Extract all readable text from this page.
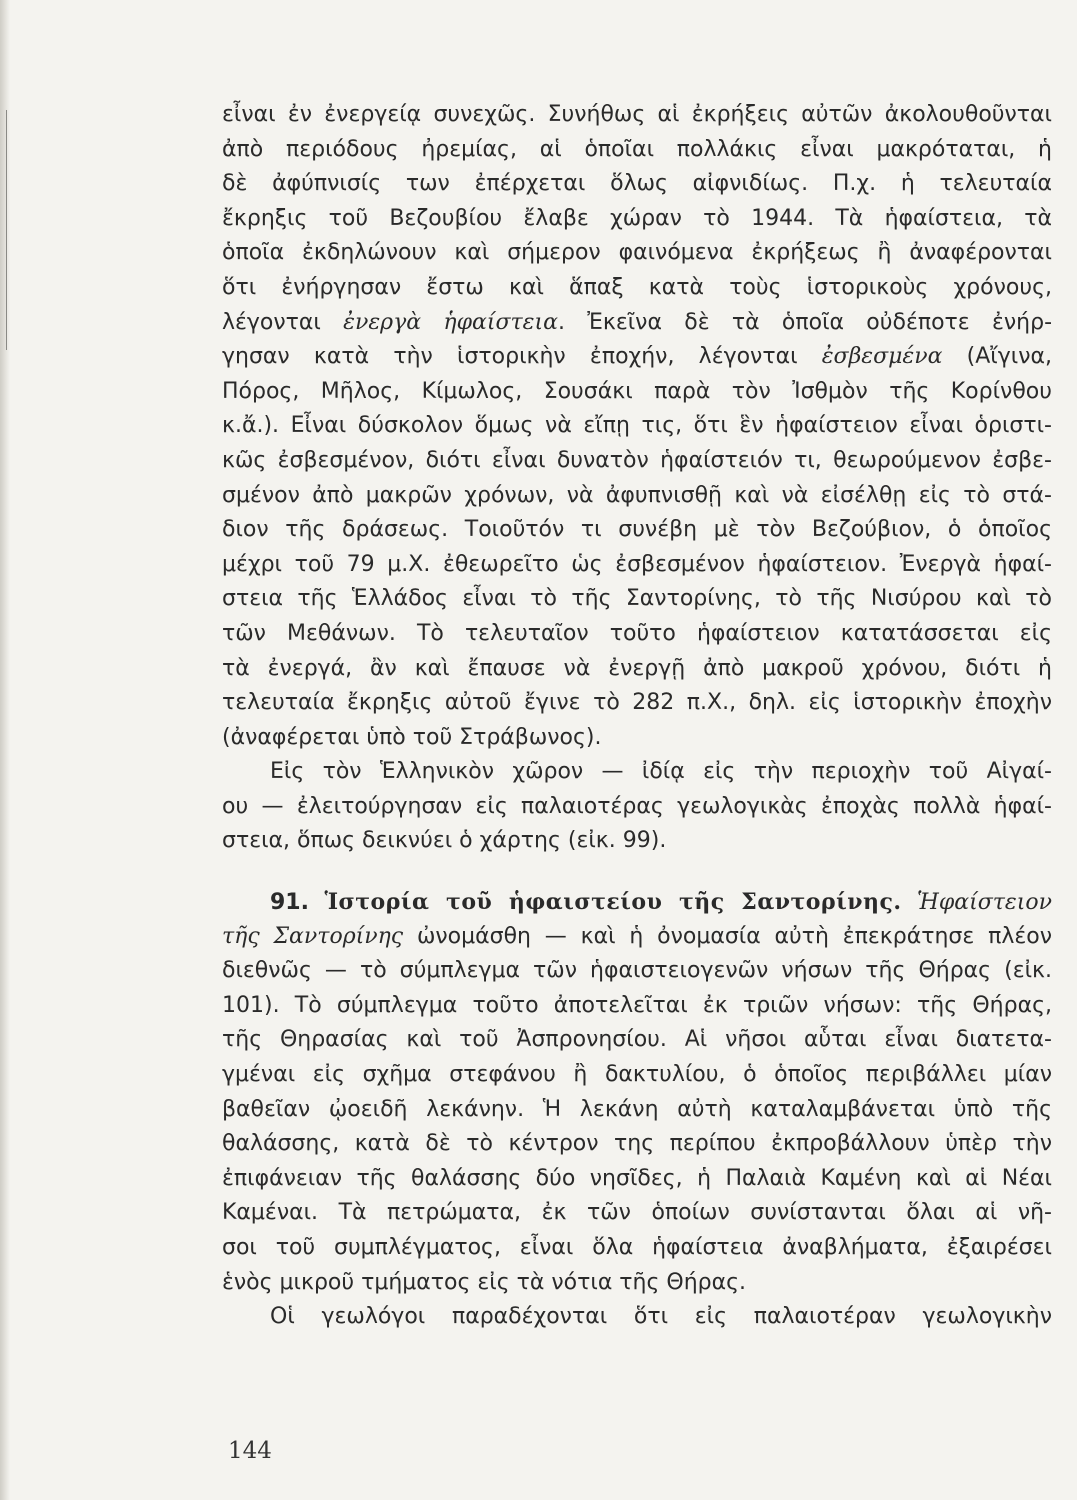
εἶναι ἐν ἐνεργείᾳ συνεχῶς. Συνήθως αἱ ἐκρήξεις αὐτῶν ἀκολουθοῦνται
ἀπὸ περιόδους ἠρεμίας, αἱ ὁποῖαι πολλάκις εἶναι μακρόταται, ἡ
δὲ ἀφύπνισίς των ἐπέρχεται ὅλως αἰφνιδίως. Π.χ. ἡ τελευταία
ἔκρηξις τοῦ Βεζουβίου ἔλαβε χώραν τὸ 1944. Τὰ ἡφαίστεια, τὰ
ὁποῖα ἐκδηλώνουν καὶ σήμερον φαινόμενα ἐκρήξεως ἢ ἀναφέρονται
ὅτι ἐνήργησαν ἔστω καὶ ἅπαξ κατὰ τοὺς ἱστορικοὺς χρόνους,
λέγονται ἐνεργὰ ἡφαίστεια. Ἐκεῖνα δὲ τὰ ὁποῖα οὐδέποτε ἐνήρ-
γησαν κατὰ τὴν ἱστορικὴν ἐποχήν, λέγονται ἐσβεσμένα (Αἴγινα,
Πόρος, Μῆλος, Κίμωλος, Σουσάκι παρὰ τὸν Ἰσθμὸν τῆς Κορίνθου
κ.ἄ.). Εἶναι δύσκολον ὅμως νὰ εἴπῃ τις, ὅτι ἓν ἡφαίστειον εἶναι ὁριστι-
κῶς ἐσβεσμένον, διότι εἶναι δυνατὸν ἡφαίστειόν τι, θεωρούμενον ἐσβε-
σμένον ἀπὸ μακρῶν χρόνων, νὰ ἀφυπνισθῇ καὶ νὰ εἰσέλθῃ εἰς τὸ στά-
διον τῆς δράσεως. Τοιοῦτόν τι συνέβη μὲ τὸν Βεζούβιον, ὁ ὁποῖος
μέχρι τοῦ 79 μ.Χ. ἐθεωρεῖτο ὡς ἐσβεσμένον ἡφαίστειον. Ἐνεργὰ ἡφαί-
στεια τῆς Ἑλλάδος εἶναι τὸ τῆς Σαντορίνης, τὸ τῆς Νισύρου καὶ τὸ
τῶν Μεθάνων. Τὸ τελευταῖον τοῦτο ἡφαίστειον κατατάσσεται εἰς
τὰ ἐνεργά, ἂν καὶ ἔπαυσε νὰ ἐνεργῇ ἀπὸ μακροῦ χρόνου, διότι ἡ
τελευταία ἔκρηξις αὐτοῦ ἔγινε τὸ 282 π.Χ., δηλ. εἰς ἱστορικὴν ἐποχὴν
(ἀναφέρεται ὑπὸ τοῦ Στράβωνος).
Εἰς τὸν Ἑλληνικὸν χῶρον — ἰδίᾳ εἰς τὴν περιοχὴν τοῦ Αἰγαί-
ου — ἐλειτούργησαν εἰς παλαιοτέρας γεωλογικὰς ἐποχὰς πολλὰ ἡφαί-
στεια, ὅπως δεικνύει ὁ χάρτης (εἰκ. 99).
91. Ἱστορία τοῦ ἡφαιστείου τῆς Σαντορίνης. Ἡφαίστειον
τῆς Σαντορίνης ὠνομάσθη — καὶ ἡ ὀνομασία αὐτὴ ἐπεκράτησε πλέον
διεθνῶς — τὸ σύμπλεγμα τῶν ἡφαιστειογενῶν νήσων τῆς Θήρας (εἰκ.
101). Τὸ σύμπλεγμα τοῦτο ἀποτελεῖται ἐκ τριῶν νήσων: τῆς Θήρας,
τῆς Θηρασίας καὶ τοῦ Ἀσπρονησίου. Αἱ νῆσοι αὗται εἶναι διατετα-
γμέναι εἰς σχῆμα στεφάνου ἢ δακτυλίου, ὁ ὁποῖος περιβάλλει μίαν
βαθεῖαν ᾠοειδῆ λεκάνην. Ἡ λεκάνη αὐτὴ καταλαμβάνεται ὑπὸ τῆς
θαλάσσης, κατὰ δὲ τὸ κέντρον της περίπου ἐκπροβάλλουν ὑπὲρ τὴν
ἐπιφάνειαν τῆς θαλάσσης δύο νησῖδες, ἡ Παλαιὰ Καμένη καὶ αἱ Νέαι
Καμέναι. Τὰ πετρώματα, ἐκ τῶν ὁποίων συνίστανται ὅλαι αἱ νῆ-
σοι τοῦ συμπλέγματος, εἶναι ὅλα ἡφαίστεια ἀναβλήματα, ἐξαιρέσει
ἑνὸς μικροῦ τμήματος εἰς τὰ νότια τῆς Θήρας.
Οἱ γεωλόγοι παραδέχονται ὅτι εἰς παλαιοτέραν γεωλογικὴν
144
